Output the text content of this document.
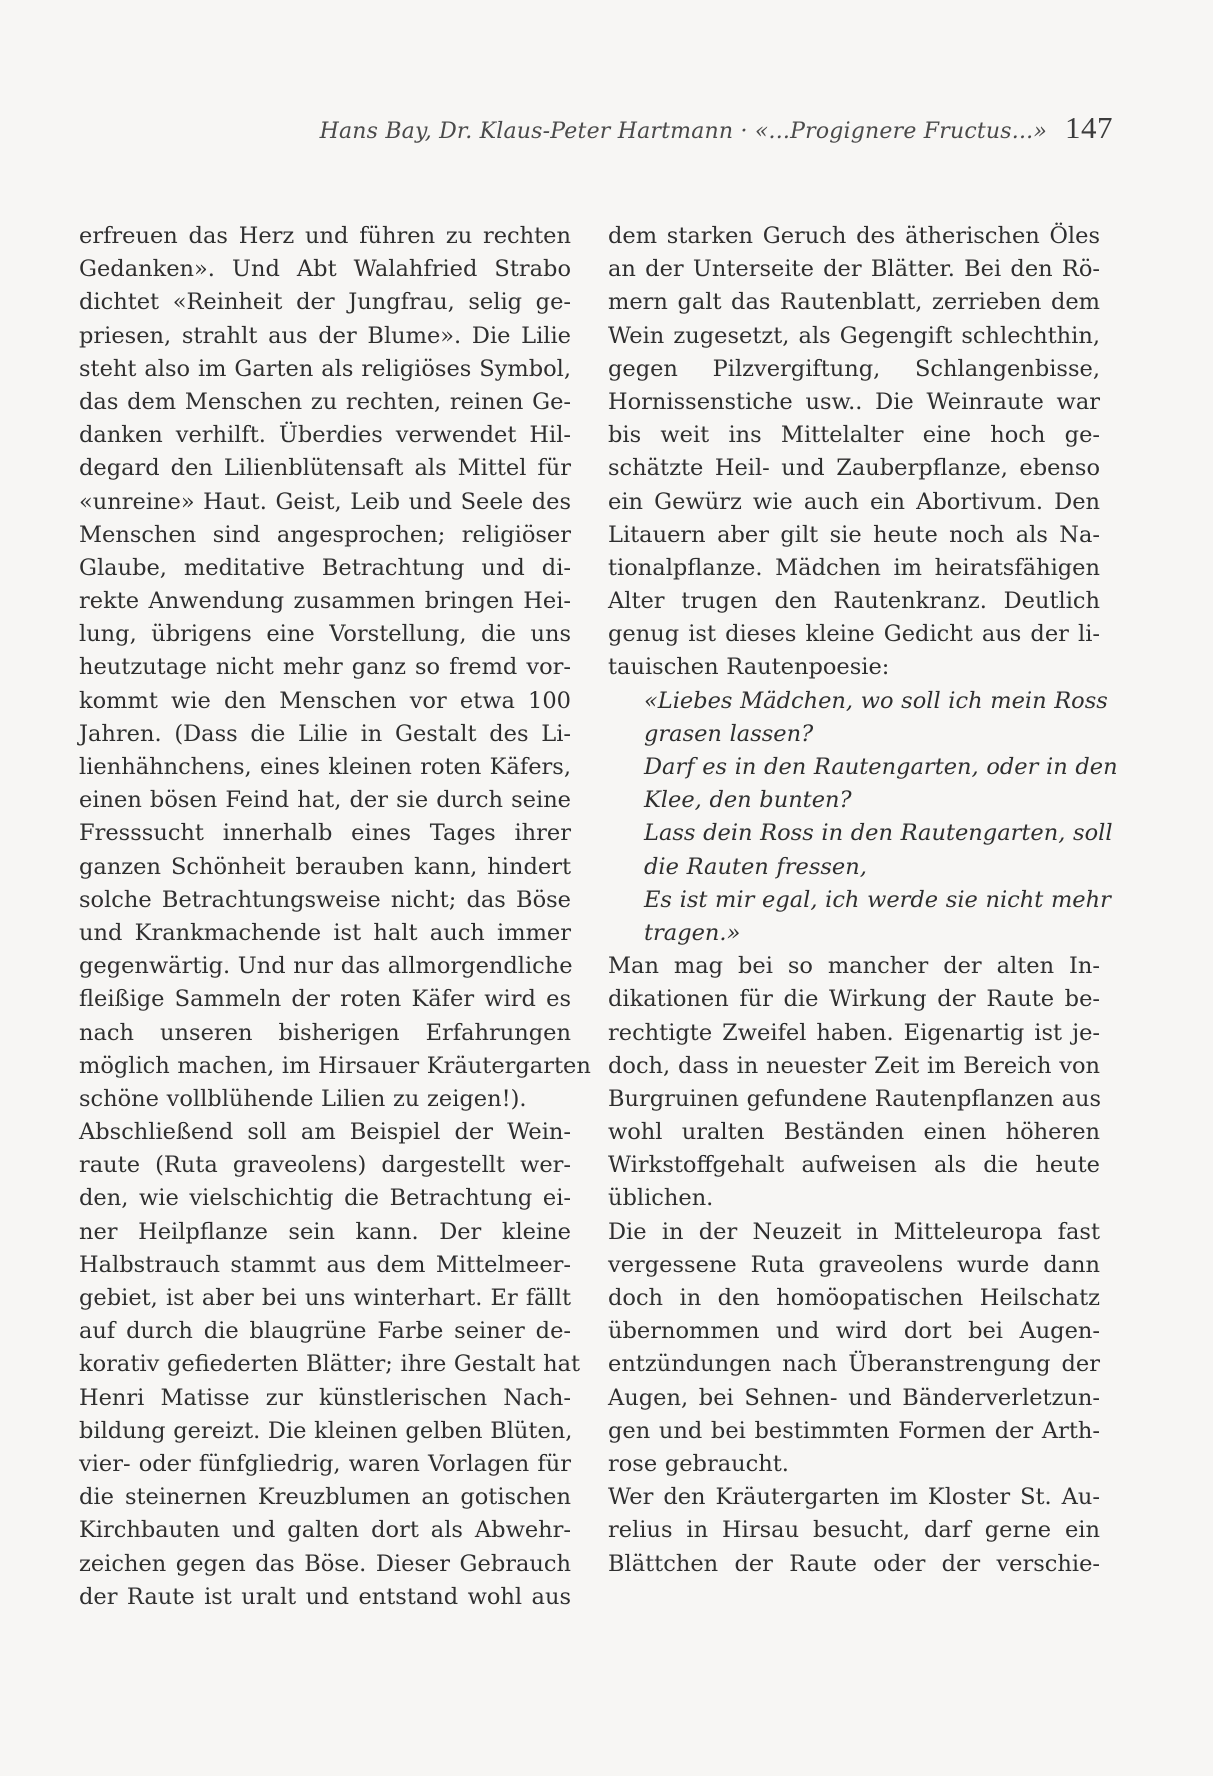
Hans Bay, Dr. Klaus-Peter Hartmann · «...Progignere Fructus...» 147
erfreuen das Herz und führen zu rechten
Gedanken». Und Abt Walahfried Strabo
dichtet «Reinheit der Jungfrau, selig ge-
priesen, strahlt aus der Blume». Die Lilie
steht also im Garten als religiöses Symbol,
das dem Menschen zu rechten, reinen Ge-
danken verhilft. Überdies verwendet Hil-
degard den Lilienblütensaft als Mittel für
«unreine» Haut. Geist, Leib und Seele des
Menschen sind angesprochen; religiöser
Glaube, meditative Betrachtung und di-
rekte Anwendung zusammen bringen Hei-
lung, übrigens eine Vorstellung, die uns
heutzutage nicht mehr ganz so fremd vor-
kommt wie den Menschen vor etwa 100
Jahren. (Dass die Lilie in Gestalt des Li-
lienhähnchens, eines kleinen roten Käfers,
einen bösen Feind hat, der sie durch seine
Fresssucht innerhalb eines Tages ihrer
ganzen Schönheit berauben kann, hindert
solche Betrachtungsweise nicht; das Böse
und Krankmachende ist halt auch immer
gegenwärtig. Und nur das allmorgendliche
fleißige Sammeln der roten Käfer wird es
nach unseren bisherigen Erfahrungen
möglich machen, im Hirsauer Kräutergarten
schöne vollblühende Lilien zu zeigen!).
Abschließend soll am Beispiel der Wein-
raute (Ruta graveolens) dargestellt wer-
den, wie vielschichtig die Betrachtung ei-
ner Heilpflanze sein kann. Der kleine
Halbstrauch stammt aus dem Mittelmeer-
gebiet, ist aber bei uns winterhart. Er fällt
auf durch die blaugrüne Farbe seiner de-
korativ gefiederten Blätter; ihre Gestalt hat
Henri Matisse zur künstlerischen Nach-
bildung gereizt. Die kleinen gelben Blüten,
vier- oder fünfgliedrig, waren Vorlagen für
die steinernen Kreuzblumen an gotischen
Kirchbauten und galten dort als Abwehr-
zeichen gegen das Böse. Dieser Gebrauch
der Raute ist uralt und entstand wohl aus
dem starken Geruch des ätherischen Öles
an der Unterseite der Blätter. Bei den Rö-
mern galt das Rautenblatt, zerrieben dem
Wein zugesetzt, als Gegengift schlechthin,
gegen Pilzvergiftung, Schlangenbisse,
Hornissenstiche usw.. Die Weinraute war
bis weit ins Mittelalter eine hoch ge-
schätzte Heil- und Zauberpflanze, ebenso
ein Gewürz wie auch ein Abortivum. Den
Litauern aber gilt sie heute noch als Na-
tionalpflanze. Mädchen im heiratsfähigen
Alter trugen den Rautenkranz. Deutlich
genug ist dieses kleine Gedicht aus der li-
tauischen Rautenpoesie:
«Liebes Mädchen, wo soll ich mein Ross
grasen lassen?
Darf es in den Rautengarten, oder in den
Klee, den bunten?
Lass dein Ross in den Rautengarten, soll
die Rauten fressen,
Es ist mir egal, ich werde sie nicht mehr
tragen.»
Man mag bei so mancher der alten In-
dikationen für die Wirkung der Raute be-
rechtigte Zweifel haben. Eigenartig ist je-
doch, dass in neuester Zeit im Bereich von
Burgruinen gefundene Rautenpflanzen aus
wohl uralten Beständen einen höheren
Wirkstoffgehalt aufweisen als die heute
üblichen.
Die in der Neuzeit in Mitteleuropa fast
vergessene Ruta graveolens wurde dann
doch in den homöopatischen Heilschatz
übernommen und wird dort bei Augen-
entzündungen nach Überanstrengung der
Augen, bei Sehnen- und Bänderverletzun-
gen und bei bestimmten Formen der Arth-
rose gebraucht.
Wer den Kräutergarten im Kloster St. Au-
relius in Hirsau besucht, darf gerne ein
Blättchen der Raute oder der verschie-
